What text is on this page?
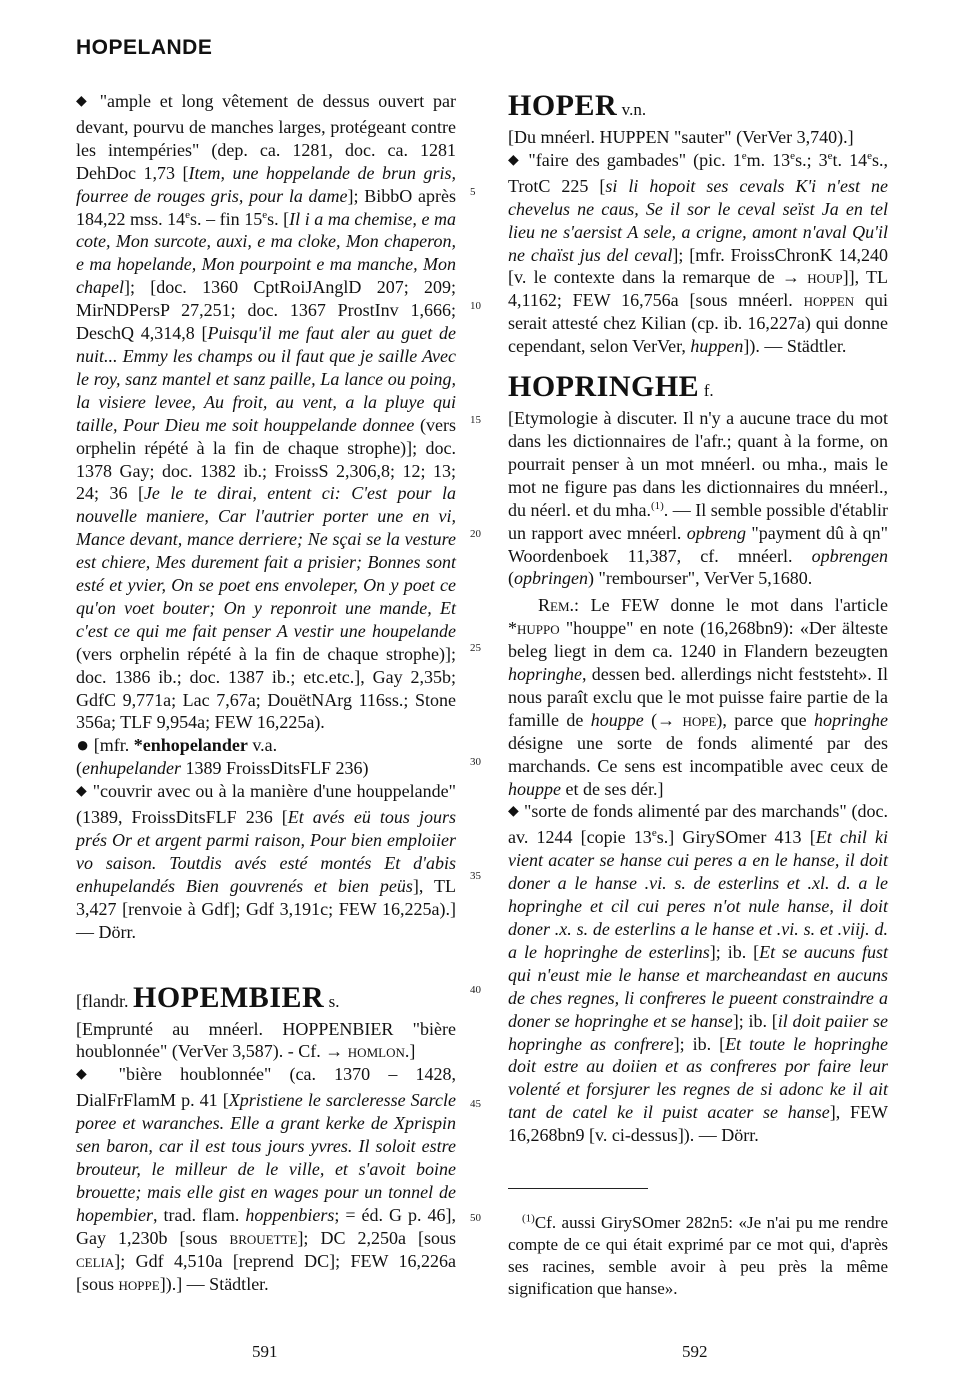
HOPELANDE

◆ "ample et long vêtement de dessus ouvert par devant, pourvu de manches larges, protégeant contre les intempéries" (dep. ca. 1281, doc. ca. 1281 DehDoc 1,73 [Item, une hoppelande de brun gris, fourree de rouges gris, pour la dame]; BibbO après 184,22 mss. 14es. – fin 15es. [Il i a ma chemise, e ma cote, Mon surcote, auxi, e ma cloke, Mon chaperon, e ma hopelande, Mon pourpoint e ma manche, Mon chapel]; [doc. 1360 CptRoiJAnglD 207; 209; MirNDPersP 27,251; doc. 1367 ProstInv 1,666; DeschQ 4,314,8 [Puisqu'il me faut aler au guet de nuit... Emmy les champs ou il faut que je saille Avec le roy, sanz mantel et sanz paille, La lance ou poing, la visiere levee, Au froit, au vent, a la pluye qui taille, Pour Dieu me soit houppelande donnee (vers orphelin répété à la fin de chaque strophe)]; doc. 1378 Gay; doc. 1382 ib.; FroissS 2,306,8; 12; 13; 24; 36 [Je le te dirai, entent ci: C'est pour la nouvelle maniere, Car l'autrier porter une en vi, Mance devant, mance derriere; Ne sçai se la vesture est chiere, Mes durement fait a prisier; Bonnes sont esté et yvier, On se poet ens envoleper, On y poet ce qu'on voet bouter; On y reponroit une mande, Et c'est ce qui me fait penser A vestir une houpelande (vers orphelin répété à la fin de chaque strophe)]; doc. 1386 ib.; doc. 1387 ib.; etc.etc.], Gay 2,35b; GdfC 9,771a; Lac 7,67a; DouëtNArg 116ss.; Stone 356a; TLF 9,954a; FEW 16,225a).

● [mfr. *enhopelander v.a.

(enhupelander 1389 FroissDitsFLF 236)

◆ "couvrir avec ou à la manière d'une houppelande" (1389, FroissDitsFLF 236 [Et avés eü tous jours prés Or et argent parmi raison, Pour bien emploiier vo saison. Toutdis avés esté montés Et d'abis enhupelandés Bien gouvrenés et bien peüs], TL 3,427 [renvoie à Gdf]; Gdf 3,191c; FEW 16,225a).] — Dörr.

[flandr. HOPEMBIER s.

[Emprunté au mnéerl. HOPPENBIER "bière houblonnée" (VerVer 3,587). - Cf. → homlon.]

◆ "bière houblonnée" (ca. 1370 – 1428, DialFrFlamM p. 41 [Xpristiene le sarcleresse Sarcle poree et waranches. Elle a grant kerke de Xprispin sen baron, car il est tous jours yvres. Il soloit estre brouteur, le milleur de le ville, et s'avoit boine brouette; mais elle gist en wages pour un tonnel de hopembier, trad. flam. hoppenbiers; = éd. G p. 46], Gay 1,230b [sous brouette]; DC 2,250a [sous celia]; Gdf 4,510a [reprend DC]; FEW 16,226a [sous hoppe]).] — Städtler.

HOPER v.n.

[Du mnéerl. HUPPEN "sauter" (VerVer 3,740).]

◆ "faire des gambades" (pic. 1em. 13es.; 3et. 14es., TrotC 225 [si li hopoit ses cevals K'i n'est ne chevelus ne caus, Se il sor le ceval seïst Ja en tel lieu ne s'aersist A sele, a crigne, amont n'aval Qu'il ne chaïst jus del ceval]; [mfr. FroissChronK 14,240 [v. le contexte dans la remarque de → houp]], TL 4,1162; FEW 16,756a [sous mnéerl. hoppen qui serait attesté chez Kilian (cp. ib. 16,227a) qui donne cependant, selon VerVer, huppen]). — Städtler.

HOPRINGHE f.

[Etymologie à discuter. Il n'y a aucune trace du mot dans les dictionnaires de l'afr.; quant à la forme, on pourrait penser à un mot mnéerl. ou mha., mais le mot ne figure pas dans les dictionnaires du mnéerl., du néerl. et du mha.$^{(1)}$. — Il semble possible d'établir un rapport avec mnéerl. opbreng "payment dû à qn" Woordenboek 11,387, cf. mnéerl. opbrengen (opbringen) "rembourser", VerVer 5,1680.

Rem.: Le FEW donne le mot dans l'article *huppo "houppe" en note (16,268bn9): «Der älteste beleg liegt in dem ca. 1240 in Flandern bezeugten hopringhe, dessen bed. allerdings nicht feststeht». Il nous paraît exclu que le mot puisse faire partie de la famille de houppe (→ hope), parce que hopringhe désigne une sorte de fonds alimenté par des marchands. Ce sens est incompatible avec ceux de houppe et de ses dér.]

◆ "sorte de fonds alimenté par des marchands" (doc. av. 1244 [copie 13es.] GirySOmer 413 [Et chil ki vient acater se hanse cui peres a en le hanse, il doit doner a le hanse .vi. s. de esterlins et .xl. d. a le hopringhe et cil cui peres n'ot nule hanse, il doit doner .x. s. de esterlins a le hanse et .vi. s. et .viij. d. a le hopringhe de esterlins]; ib. [Et se aucuns fust qui n'eust mie le hanse et marcheandast en aucuns de ches regnes, li confreres le pueent constraindre a doner se hopringhe et se hanse]; ib. [il doit paiier se hopringhe as confrere]; ib. [Et toute le hopringhe doit estre au doiien et as confreres por faire leur volenté et forsjurer les regnes de si adonc ke il ait tant de catel ke il puist acater se hanse], FEW 16,268bn9 [v. ci-dessus]). — Dörr.

$^{(1)}$Cf. aussi GirySOmer 282n5: «Je n'ai pu me rendre compte de ce qui était exprimé par ce mot qui, d'après ses racines, semble avoir à peu près la même signification que hanse».

5
10
15
20
25
30
35
40
45
50
591	592
